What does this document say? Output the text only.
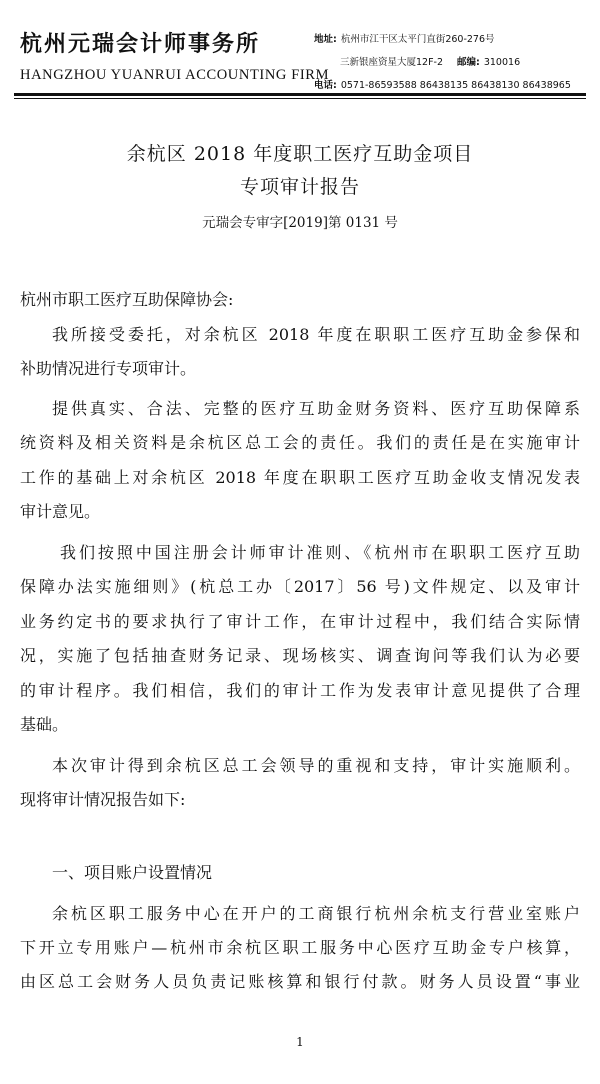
杭州元瑞会计师事务所
HANGZHOU YUANRUI ACCOUNTING FIRM
地址: 杭州市江干区太平门直街260-276号
三新银座资星大厦12F-2 邮编: 310016
电话: 0571-86593588 86438135 86438130 86438965
余杭区 2018 年度职工医疗互助金项目
专项审计报告
元瑞会专审字[2019]第 0131 号
杭州市职工医疗互助保障协会:
我所接受委托，对余杭区 2018 年度在职职工医疗互助金参保和
补助情况进行专项审计。
提供真实、合法、完整的医疗互助金财务资料、医疗互助保障系
统资料及相关资料是余杭区总工会的责任。我们的责任是在实施审计
工作的基础上对余杭区 2018 年度在职职工医疗互助金收支情况发表
审计意见。
我们按照中国注册会计师审计准则、《杭州市在职职工医疗互助
保障办法实施细则》(杭总工办〔2017〕56 号)文件规定、以及审计
业务约定书的要求执行了审计工作，在审计过程中，我们结合实际情
况，实施了包括抽查财务记录、现场核实、调查询问等我们认为必要
的审计程序。我们相信，我们的审计工作为发表审计意见提供了合理
基础。
本次审计得到余杭区总工会领导的重视和支持，审计实施顺利。
现将审计情况报告如下:
一、项目账户设置情况
余杭区职工服务中心在开户的工商银行杭州余杭支行营业室账户
下开立专用账户—杭州市余杭区职工服务中心医疗互助金专户核算，
由区总工会财务人员负责记账核算和银行付款。财务人员设置“事业
1
